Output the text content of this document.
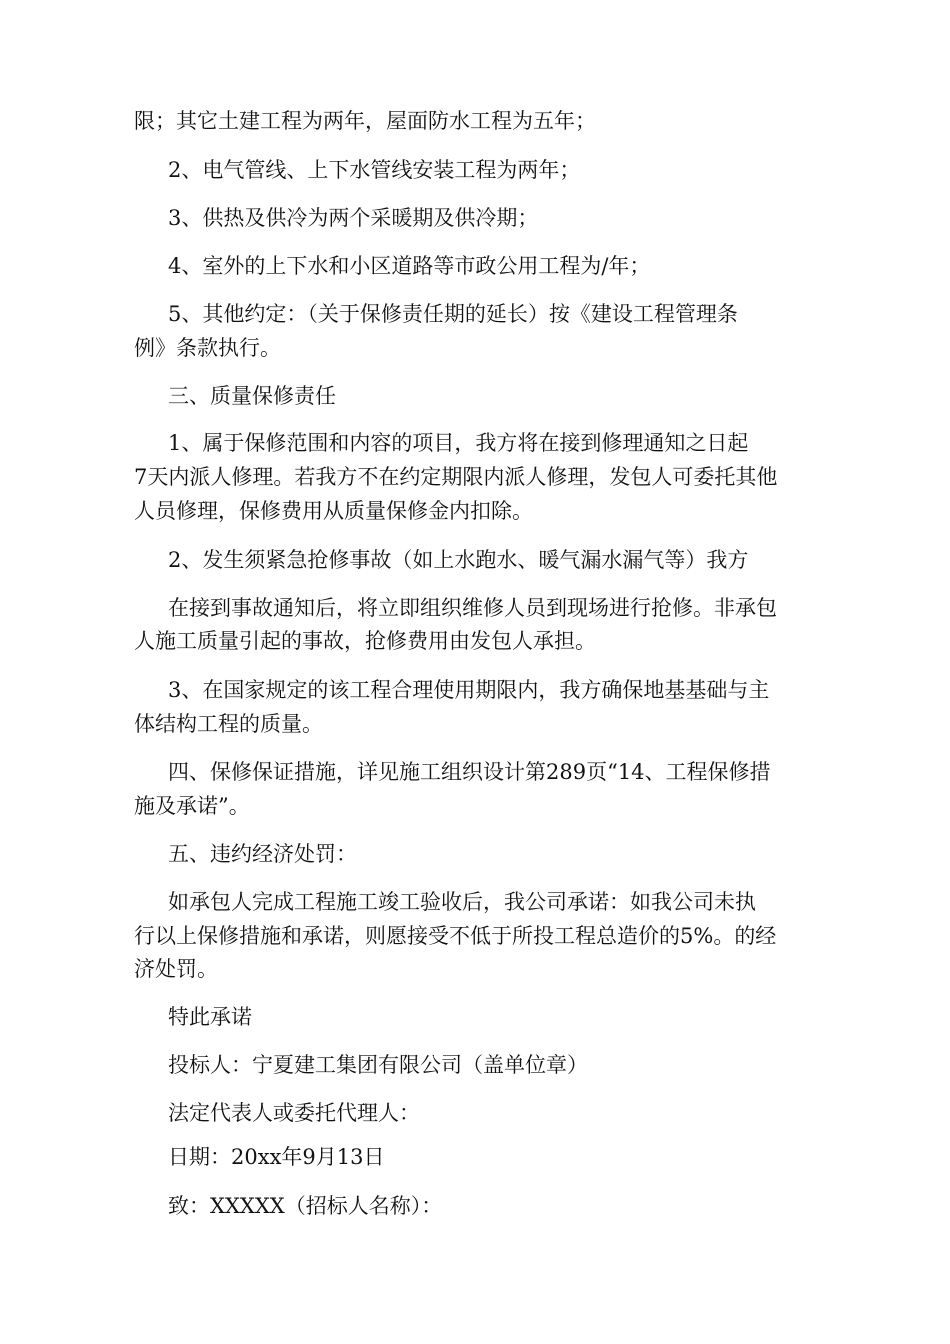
限；其它土建工程为两年，屋面防水工程为五年；
2、电气管线、上下水管线安装工程为两年；
3、供热及供冷为两个采暖期及供冷期；
4、室外的上下水和小区道路等市政公用工程为/年；
5、其他约定：（关于保修责任期的延长）按《建设工程管理条
例》条款执行。
三、质量保修责任
1、属于保修范围和内容的项目，我方将在接到修理通知之日起
7天内派人修理。若我方不在约定期限内派人修理，发包人可委托其他
人员修理，保修费用从质量保修金内扣除。
2、发生须紧急抢修事故（如上水跑水、暖气漏水漏气等）我方
在接到事故通知后，将立即组织维修人员到现场进行抢修。非承包
人施工质量引起的事故，抢修费用由发包人承担。
3、在国家规定的该工程合理使用期限内，我方确保地基基础与主
体结构工程的质量。
四、保修保证措施，详见施工组织设计第289页“14、工程保修措
施及承诺”。
五、违约经济处罚：
如承包人完成工程施工竣工验收后，我公司承诺：如我公司未执
行以上保修措施和承诺，则愿接受不低于所投工程总造价的5%。的经
济处罚。
特此承诺
投标人：宁夏建工集团有限公司（盖单位章）
法定代表人或委托代理人：
日期：20xx年9月13日
致：XXXXX（招标人名称）：
